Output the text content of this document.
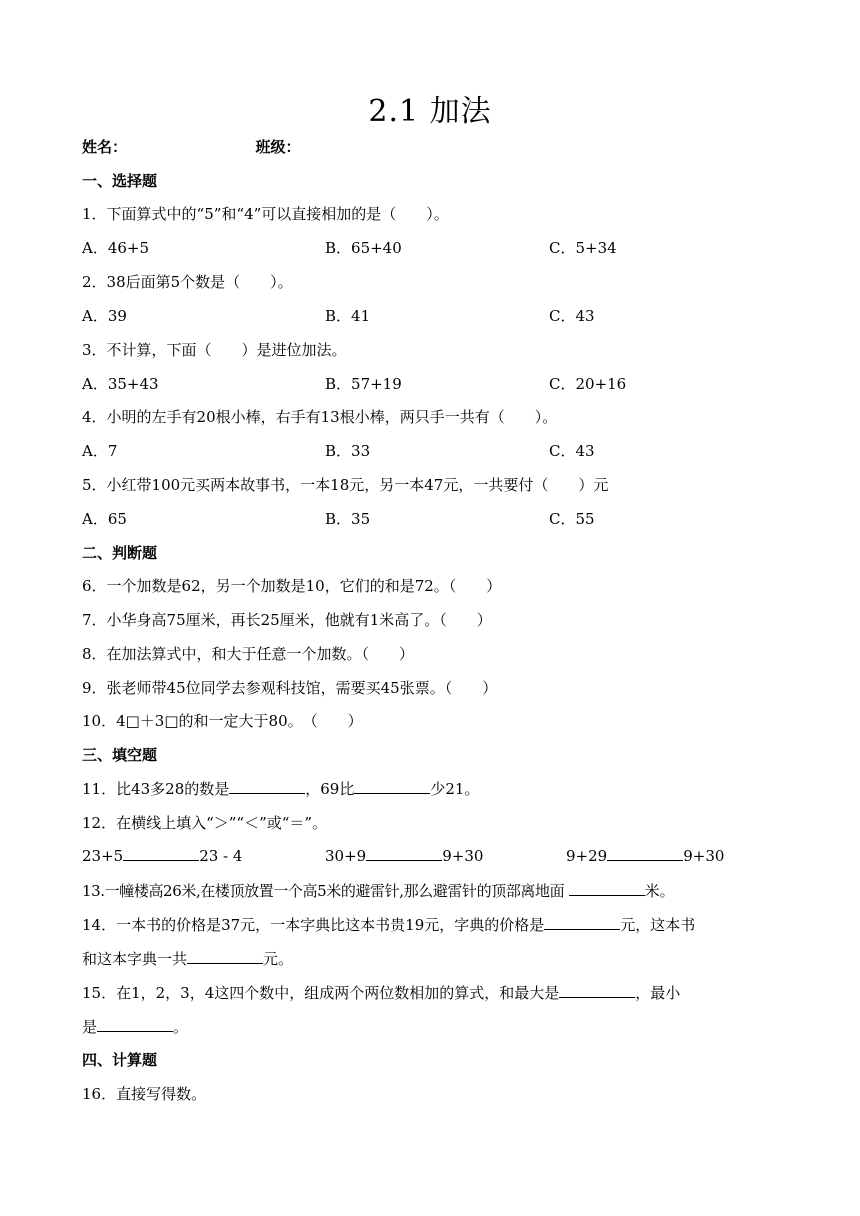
2.1 加法
姓名：	班级：
一、选择题
1．下面算式中的“5”和“4”可以直接相加的是（　　）。
A．46+5	B．65+40	C．5+34
2．38后面第5个数是（　　）。
A．39	B．41	C．43
3．不计算，下面（　　）是进位加法。
A．35+43	B．57+19	C．20+16
4．小明的左手有20根小棒，右手有13根小棒，两只手一共有（　　）。
A．7	B．33	C．43
5．小红带100元买两本故事书，一本18元，另一本47元，一共要付（　　）元
A．65	B．35	C．55
二、判断题
6．一个加数是62，另一个加数是10，它们的和是72。（　　）
7．小华身高75厘米，再长25厘米，他就有1米高了。（　　）
8．在加法算式中，和大于任意一个加数。（　　）
9．张老师带45位同学去参观科技馆，需要买45张票。（　　）
10．4□＋3□的和一定大于80。　（　　）
三、填空题
11．比43多28的数是	，69比	少21。
12．在横线上填入“＞”“＜”或“＝”。
23+5	23 - 4	30+9	9+30	9+29	9+30
13.一幢楼高26米,在楼顶放置一个高5米的避雷针,那么避雷针的顶部离地面	米。
14．一本书的价格是37元，一本字典比这本书贵19元，字典的价格是	元，这本书
和这本字典一共	元。
15．在1，2，3，4这四个数中，组成两个两位数相加的算式，和最大是	，最小
是	。
四、计算题
16．直接写得数。
